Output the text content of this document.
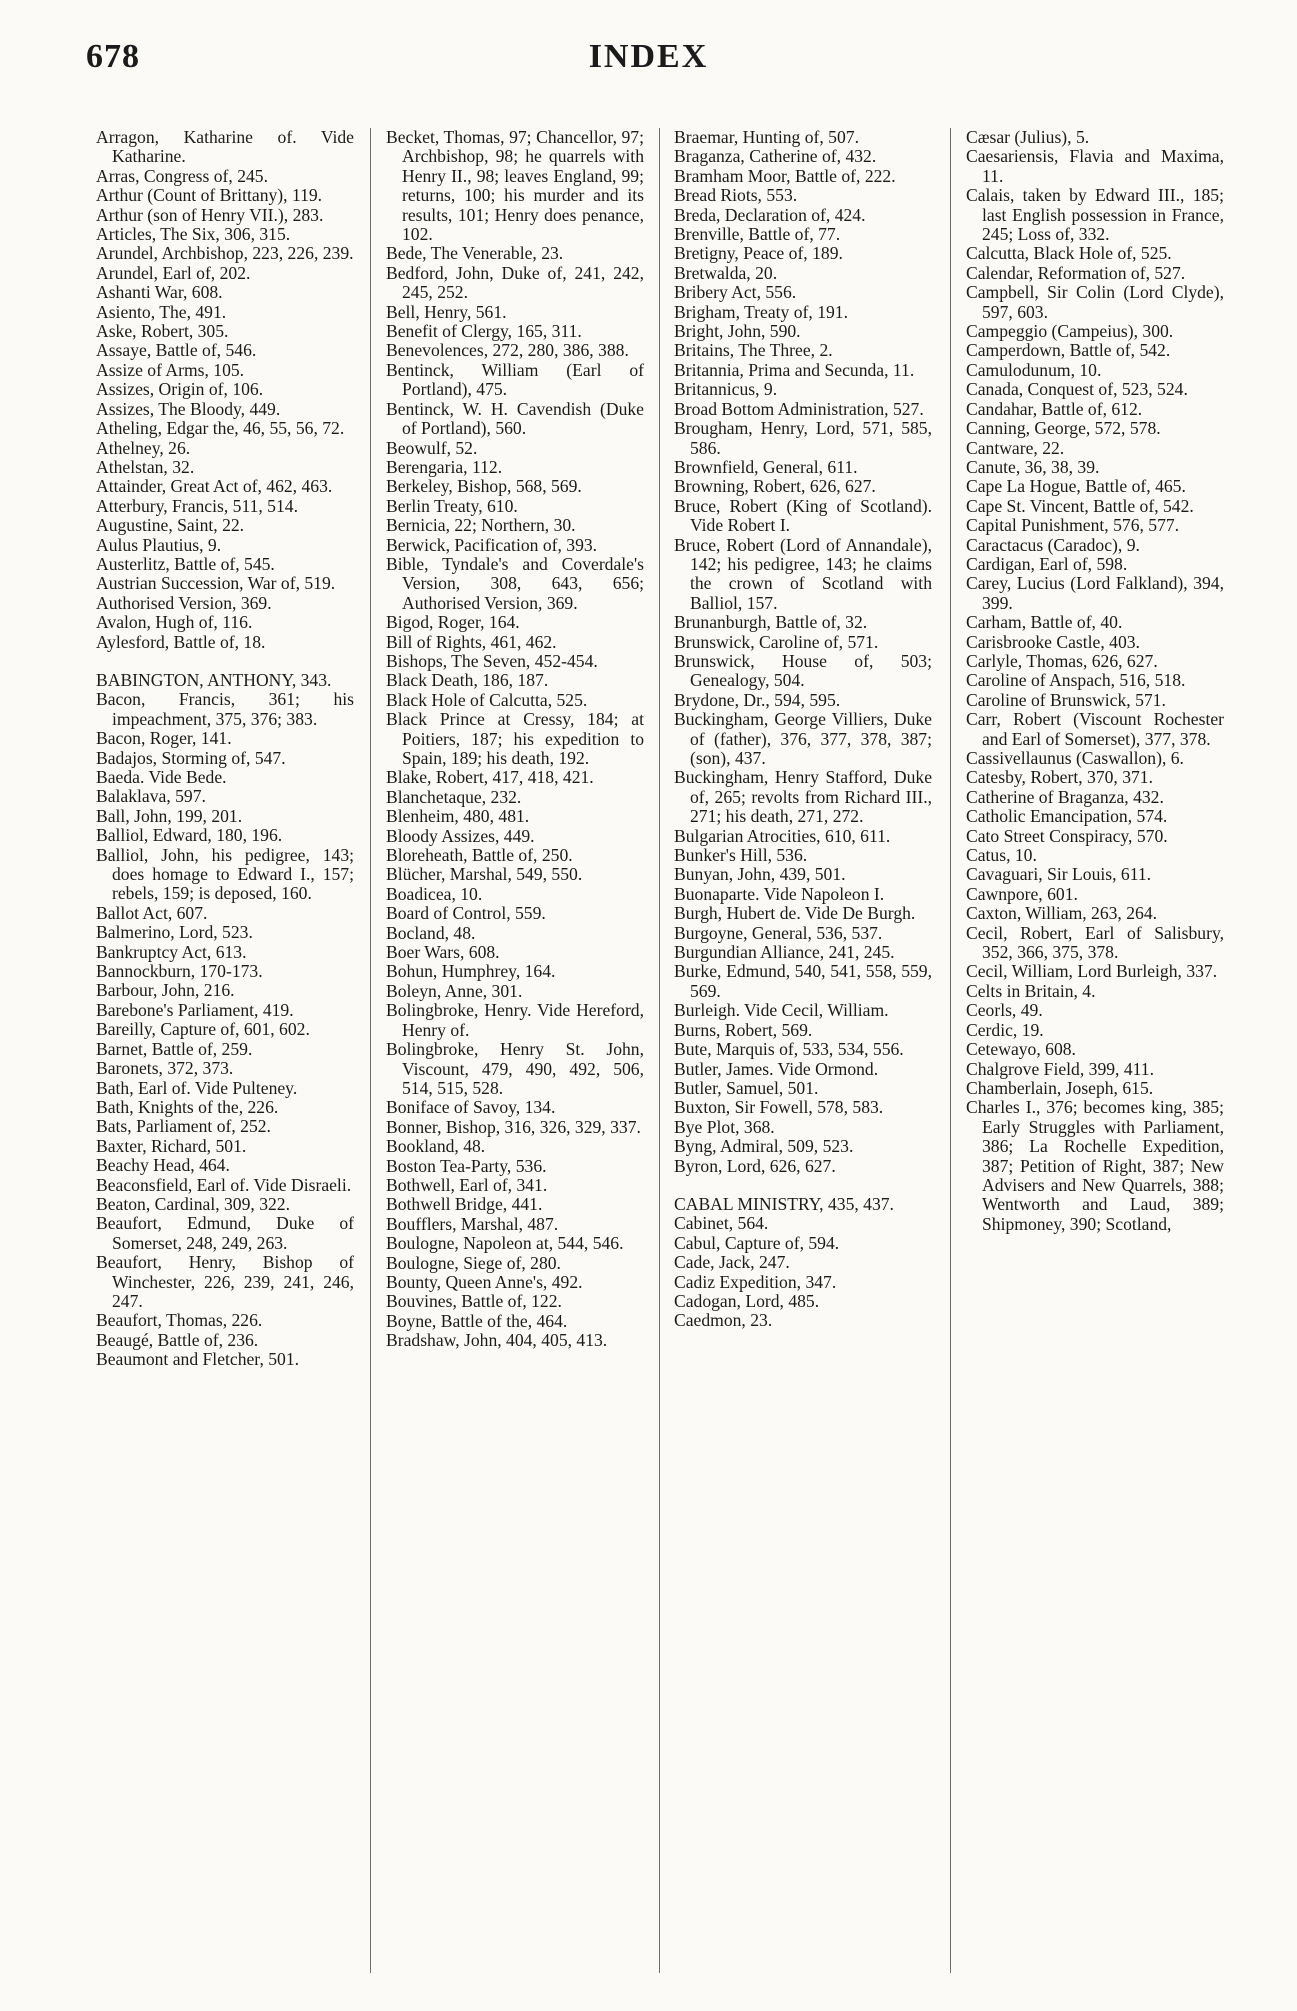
678	INDEX
Arragon, Katharine of. Vide Katharine.
Arras, Congress of, 245.
Arthur (Count of Brittany), 119.
Arthur (son of Henry VII.), 283.
Articles, The Six, 306, 315.
Arundel, Archbishop, 223, 226, 239.
Arundel, Earl of, 202.
Ashanti War, 608.
Asiento, The, 491.
Aske, Robert, 305.
Assaye, Battle of, 546.
Assize of Arms, 105.
Assizes, Origin of, 106.
Assizes, The Bloody, 449.
Atheling, Edgar the, 46, 55, 56, 72.
Athelney, 26.
Athelstan, 32.
Attainder, Great Act of, 462, 463.
Atterbury, Francis, 511, 514.
Augustine, Saint, 22.
Aulus Plautius, 9.
Austerlitz, Battle of, 545.
Austrian Succession, War of, 519.
Authorised Version, 369.
Avalon, Hugh of, 116.
Aylesford, Battle of, 18.
BABINGTON, ANTHONY, 343.
Bacon, Francis, 361; his impeachment, 375, 376; 383.
Bacon, Roger, 141.
Badajos, Storming of, 547.
Baeda. Vide Bede.
Balaklava, 597.
Ball, John, 199, 201.
Balliol, Edward, 180, 196.
Balliol, John, his pedigree, 143; does homage to Edward I., 157; rebels, 159; is deposed, 160.
Ballot Act, 607.
Balmerino, Lord, 523.
Bankruptcy Act, 613.
Bannockburn, 170-173.
Barbour, John, 216.
Barebone's Parliament, 419.
Bareilly, Capture of, 601, 602.
Barnet, Battle of, 259.
Baronets, 372, 373.
Bath, Earl of. Vide Pulteney.
Bath, Knights of the, 226.
Bats, Parliament of, 252.
Baxter, Richard, 501.
Beachy Head, 464.
Beaconsfield, Earl of. Vide Disraeli.
Beaton, Cardinal, 309, 322.
Beaufort, Edmund, Duke of Somerset, 248, 249, 263.
Beaufort, Henry, Bishop of Winchester, 226, 239, 241, 246, 247.
Beaufort, Thomas, 226.
Beaugé, Battle of, 236.
Beaumont and Fletcher, 501.
Becket, Thomas, 97; Chancellor, 97; Archbishop, 98; he quarrels with Henry II., 98; leaves England, 99; returns, 100; his murder and its results, 101; Henry does penance, 102.
Bede, The Venerable, 23.
Bedford, John, Duke of, 241, 242, 245, 252.
Bell, Henry, 561.
Benefit of Clergy, 165, 311.
Benevolences, 272, 280, 386, 388.
Bentinck, William (Earl of Portland), 475.
Bentinck, W. H. Cavendish (Duke of Portland), 560.
Beowulf, 52.
Berengaria, 112.
Berkeley, Bishop, 568, 569.
Berlin Treaty, 610.
Bernicia, 22; Northern, 30.
Berwick, Pacification of, 393.
Bible, Tyndale's and Coverdale's Version, 308, 643, 656; Authorised Version, 369.
Bigod, Roger, 164.
Bill of Rights, 461, 462.
Bishops, The Seven, 452-454.
Black Death, 186, 187.
Black Hole of Calcutta, 525.
Black Prince at Cressy, 184; at Poitiers, 187; his expedition to Spain, 189; his death, 192.
Blake, Robert, 417, 418, 421.
Blanchetaque, 232.
Blenheim, 480, 481.
Bloody Assizes, 449.
Bloreheath, Battle of, 250.
Blücher, Marshal, 549, 550.
Boadicea, 10.
Board of Control, 559.
Bocland, 48.
Boer Wars, 608.
Bohun, Humphrey, 164.
Boleyn, Anne, 301.
Bolingbroke, Henry. Vide Hereford, Henry of.
Bolingbroke, Henry St. John, Viscount, 479, 490, 492, 506, 514, 515, 528.
Boniface of Savoy, 134.
Bonner, Bishop, 316, 326, 329, 337.
Bookland, 48.
Boston Tea-Party, 536.
Bothwell, Earl of, 341.
Bothwell Bridge, 441.
Boufflers, Marshal, 487.
Boulogne, Napoleon at, 544, 546.
Boulogne, Siege of, 280.
Bounty, Queen Anne's, 492.
Bouvines, Battle of, 122.
Boyne, Battle of the, 464.
Bradshaw, John, 404, 405, 413.
Braemar, Hunting of, 507.
Braganza, Catherine of, 432.
Bramham Moor, Battle of, 222.
Bread Riots, 553.
Breda, Declaration of, 424.
Brenville, Battle of, 77.
Bretigny, Peace of, 189.
Bretwalda, 20.
Bribery Act, 556.
Brigham, Treaty of, 191.
Bright, John, 590.
Britains, The Three, 2.
Britannia, Prima and Secunda, 11.
Britannicus, 9.
Broad Bottom Administration, 527.
Brougham, Henry, Lord, 571, 585, 586.
Brownfield, General, 611.
Browning, Robert, 626, 627.
Bruce, Robert (King of Scotland). Vide Robert I.
Bruce, Robert (Lord of Annandale), 142; his pedigree, 143; he claims the crown of Scotland with Balliol, 157.
Brunanburgh, Battle of, 32.
Brunswick, Caroline of, 571.
Brunswick, House of, 503; Genealogy, 504.
Brydone, Dr., 594, 595.
Buckingham, George Villiers, Duke of (father), 376, 377, 378, 387; (son), 437.
Buckingham, Henry Stafford, Duke of, 265; revolts from Richard III., 271; his death, 271, 272.
Bulgarian Atrocities, 610, 611.
Bunker's Hill, 536.
Bunyan, John, 439, 501.
Buonaparte. Vide Napoleon I.
Burgh, Hubert de. Vide De Burgh.
Burgoyne, General, 536, 537.
Burgundian Alliance, 241, 245.
Burke, Edmund, 540, 541, 558, 559, 569.
Burleigh. Vide Cecil, William.
Burns, Robert, 569.
Bute, Marquis of, 533, 534, 556.
Butler, James. Vide Ormond.
Butler, Samuel, 501.
Buxton, Sir Fowell, 578, 583.
Bye Plot, 368.
Byng, Admiral, 509, 523.
Byron, Lord, 626, 627.
CABAL MINISTRY, 435, 437.
Cabinet, 564.
Cabul, Capture of, 594.
Cade, Jack, 247.
Cadiz Expedition, 347.
Cadogan, Lord, 485.
Caedmon, 23.
Cæsar (Julius), 5.
Caesariensis, Flavia and Maxima, 11.
Calais, taken by Edward III., 185; last English possession in France, 245; Loss of, 332.
Calcutta, Black Hole of, 525.
Calendar, Reformation of, 527.
Campbell, Sir Colin (Lord Clyde), 597, 603.
Campeggio (Campeius), 300.
Camperdown, Battle of, 542.
Camulodunum, 10.
Canada, Conquest of, 523, 524.
Candahar, Battle of, 612.
Canning, George, 572, 578.
Cantware, 22.
Canute, 36, 38, 39.
Cape La Hogue, Battle of, 465.
Cape St. Vincent, Battle of, 542.
Capital Punishment, 576, 577.
Caractacus (Caradoc), 9.
Cardigan, Earl of, 598.
Carey, Lucius (Lord Falkland), 394, 399.
Carham, Battle of, 40.
Carisbrooke Castle, 403.
Carlyle, Thomas, 626, 627.
Caroline of Anspach, 516, 518.
Caroline of Brunswick, 571.
Carr, Robert (Viscount Rochester and Earl of Somerset), 377, 378.
Cassivellaunus (Caswallon), 6.
Catesby, Robert, 370, 371.
Catherine of Braganza, 432.
Catholic Emancipation, 574.
Cato Street Conspiracy, 570.
Catus, 10.
Cavaguari, Sir Louis, 611.
Cawnpore, 601.
Caxton, William, 263, 264.
Cecil, Robert, Earl of Salisbury, 352, 366, 375, 378.
Cecil, William, Lord Burleigh, 337.
Celts in Britain, 4.
Ceorls, 49.
Cerdic, 19.
Cetewayo, 608.
Chalgrove Field, 399, 411.
Chamberlain, Joseph, 615.
Charles I., 376; becomes king, 385; Early Struggles with Parliament, 386; La Rochelle Expedition, 387; Petition of Right, 387; New Advisers and New Quarrels, 388; Wentworth and Laud, 389; Shipmoney, 390; Scotland,
